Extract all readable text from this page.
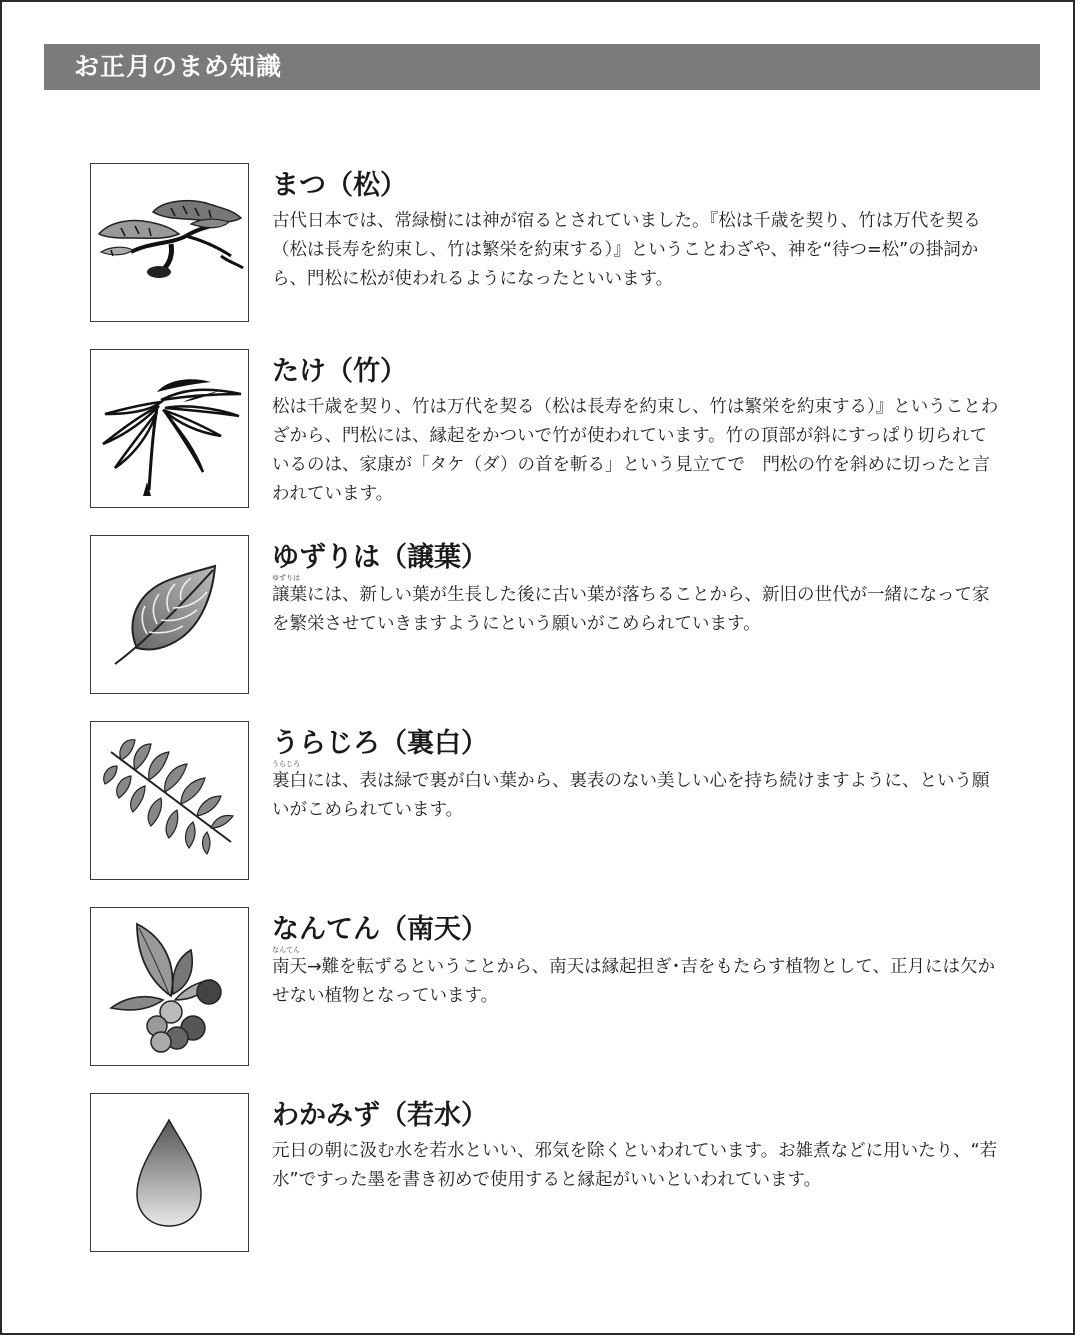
お正月のまめ知識
まつ（松）
古代日本では、常緑樹には神が宿るとされていました。『松は千歳を契り、竹は万代を契る（松は長寿を約束し、竹は繁栄を約束する）』ということわざや、神を“待つ=松”の掛詞から、門松に松が使われるようになったといいます。
たけ（竹）
松は千歳を契り、竹は万代を契る（松は長寿を約束し、竹は繁栄を約束する）』ということわざから、門松には、縁起をかついで竹が使われています。竹の頂部が斜にすっぱり切られているのは、家康が「タケ（ダ）の首を斬る」という見立てで　門松の竹を斜めに切ったと言われています。
ゆずりは（譲葉）
ゆずりは
譲葉には、新しい葉が生長した後に古い葉が落ちることから、新旧の世代が一緒になって家を繁栄させていきますようにという願いがこめられています。
うらじろ（裏白）
うらじろ
裏白には、表は緑で裏が白い葉から、裏表のない美しい心を持ち続けますように、という願いがこめられています。
なんてん（南天）
なんてん
南天→難を転ずるということから、南天は縁起担ぎ･吉をもたらす植物として、正月には欠かせない植物となっています。
わかみず（若水）
元日の朝に汲む水を若水といい、邪気を除くといわれています。お雑煮などに用いたり、“若水”ですった墨を書き初めで使用すると縁起がいいといわれています。
